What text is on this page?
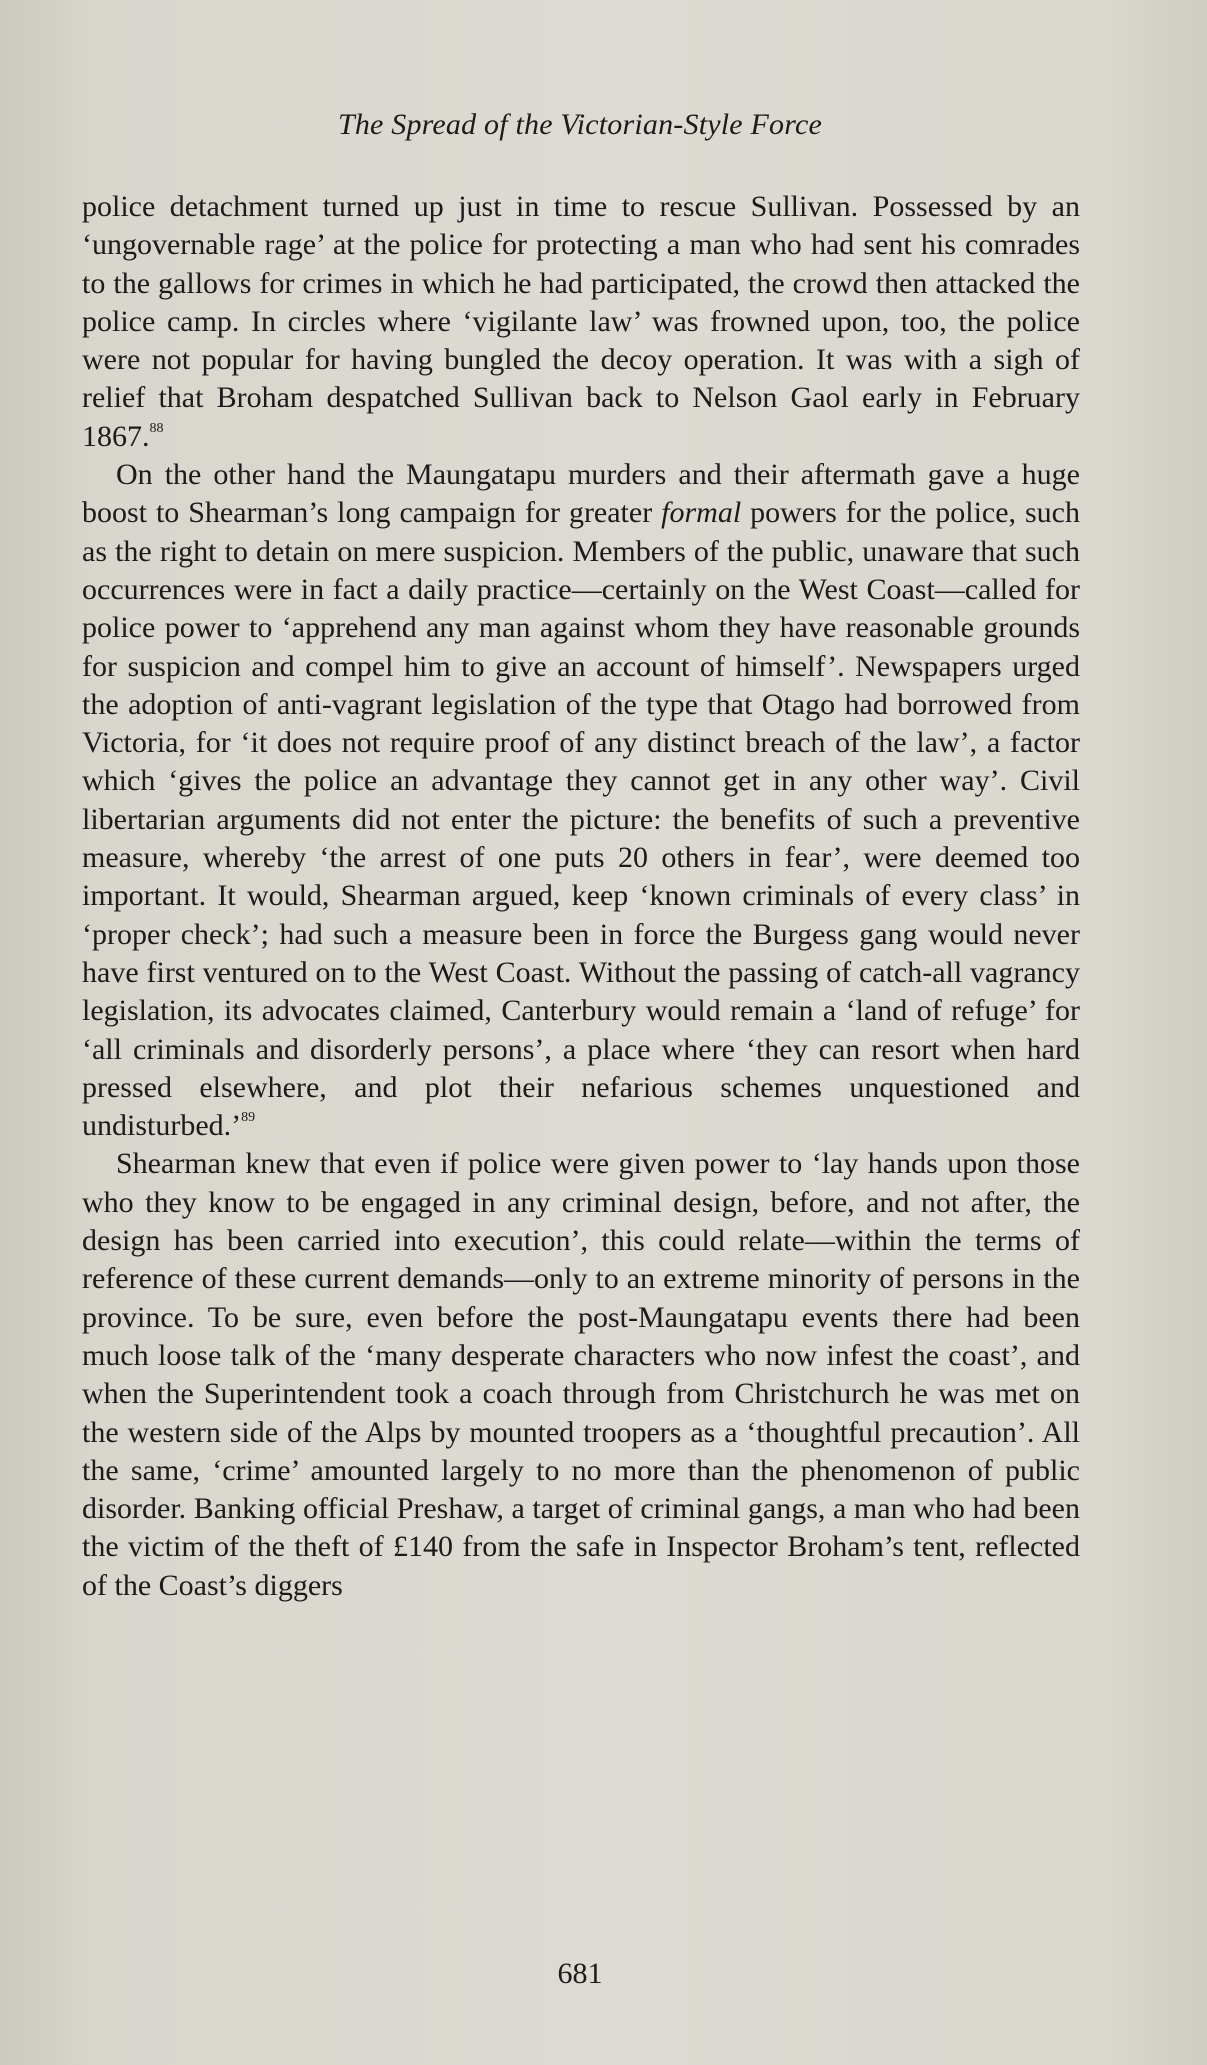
The Spread of the Victorian-Style Force

police detachment turned up just in time to rescue Sullivan. Possessed by an ‘ungovernable rage’ at the police for protecting a man who had sent his comrades to the gallows for crimes in which he had participated, the crowd then attacked the police camp. In circles where ‘vigilante law’ was frowned upon, too, the police were not popular for having bungled the decoy operation. It was with a sigh of relief that Broham despatched Sullivan back to Nelson Gaol early in February 1867.88

On the other hand the Maungatapu murders and their aftermath gave a huge boost to Shearman’s long campaign for greater formal powers for the police, such as the right to detain on mere suspicion. Members of the public, unaware that such occurrences were in fact a daily practice—certainly on the West Coast—called for police power to ‘apprehend any man against whom they have reasonable grounds for suspicion and compel him to give an account of himself’. Newspapers urged the adoption of anti-vagrant legislation of the type that Otago had borrowed from Victoria, for ‘it does not require proof of any distinct breach of the law’, a factor which ‘gives the police an advantage they cannot get in any other way’. Civil libertarian arguments did not enter the picture: the benefits of such a preventive measure, whereby ‘the arrest of one puts 20 others in fear’, were deemed too important. It would, Shearman argued, keep ‘known criminals of every class’ in ‘proper check’; had such a measure been in force the Burgess gang would never have first ventured on to the West Coast. Without the passing of catch-all vagrancy legislation, its advocates claimed, Canterbury would remain a ‘land of refuge’ for ‘all criminals and disorderly persons’, a place where ‘they can resort when hard pressed elsewhere, and plot their nefarious schemes unquestioned and undisturbed.’$^{89}$

Shearman knew that even if police were given power to ‘lay hands upon those who they know to be engaged in any criminal design, before, and not after, the design has been carried into execution’, this could relate—within the terms of reference of these current demands—only to an extreme minority of persons in the province. To be sure, even before the post-Maungatapu events there had been much loose talk of the ‘many desperate characters who now infest the coast’, and when the Superintendent took a coach through from Christchurch he was met on the western side of the Alps by mounted troopers as a ‘thoughtful precaution’. All the same, ‘crime’ amounted largely to no more than the phenomenon of public disorder. Banking official Preshaw, a target of criminal gangs, a man who had been the victim of the theft of £140 from the safe in Inspector Broham’s tent, reflected of the Coast’s diggers

681
